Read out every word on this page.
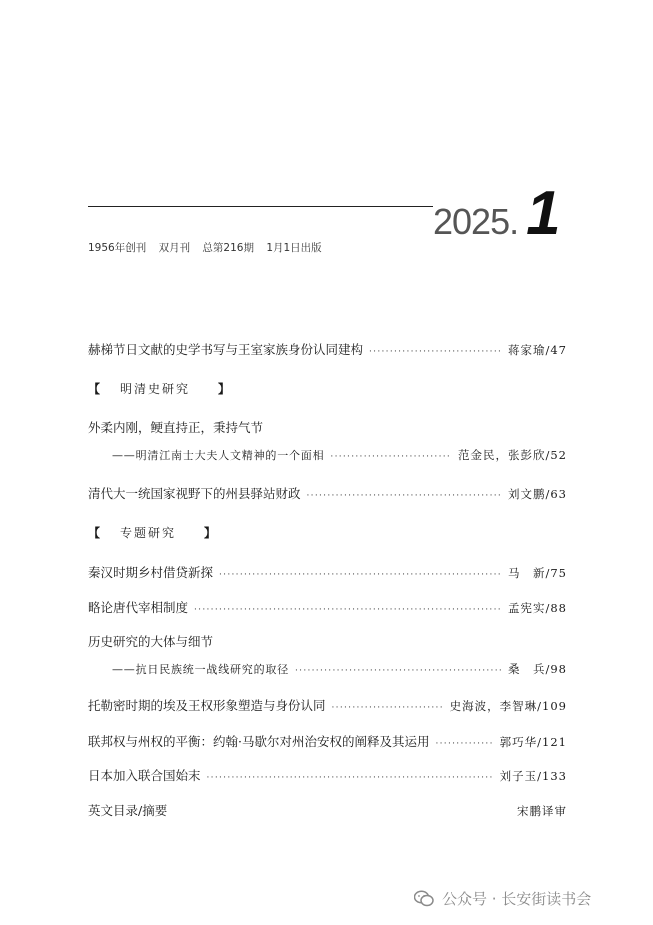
2025. 1
1956年创刊 双月刊 总第216期 1月1日出版
赫梯节日文献的史学书写与王室家族身份认同建构 ·····	蒋家瑜/47
【 明清史研究 】
外柔内刚，鲠直持正，秉持气节
——明清江南士大夫人文精神的一个面相 ·····	范金民，张彭欣/52
清代大一统国家视野下的州县驿站财政 ·····	刘文鹏/63
【 专题研究 】
秦汉时期乡村借贷新探 ·····	马　新/75
略论唐代宰相制度 ·····	孟宪实/88
历史研究的大体与细节
——抗日民族统一战线研究的取径 ·····	桑　兵/98
托勒密时期的埃及王权形象塑造与身份认同 ·····	史海波，李智琳/109
联邦权与州权的平衡：约翰·马歇尔对州治安权的阐释及其运用 ·····	郭巧华/121
日本加入联合国始末 ·····	刘子玉/133
英文目录/摘要	宋鹏译审
公众号 · 长安街读书会
